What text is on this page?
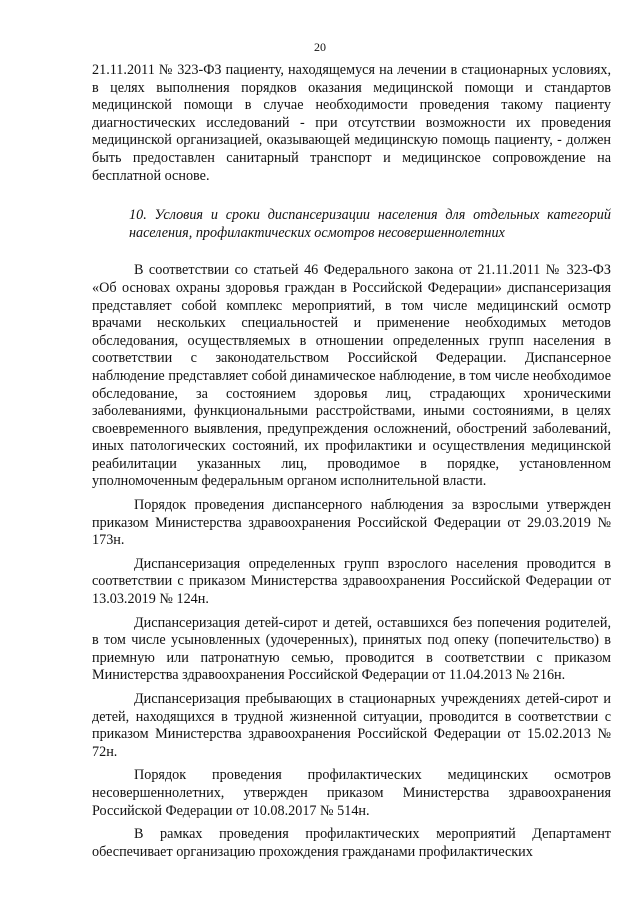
20

21.11.2011 № 323-ФЗ пациенту, находящемуся на лечении в стационарных условиях, в целях выполнения порядков оказания медицинской помощи и стандартов медицинской помощи в случае необходимости проведения такому пациенту диагностических исследований - при отсутствии возможности их проведения медицинской организацией, оказывающей медицинскую помощь пациенту, - должен быть предоставлен санитарный транспорт и медицинское сопровождение на бесплатной основе.

10. Условия и сроки диспансеризации населения для отдельных категорий населения, профилактических осмотров несовершеннолетних

В соответствии со статьей 46 Федерального закона от 21.11.2011 № 323-ФЗ «Об основах охраны здоровья граждан в Российской Федерации» диспансеризация представляет собой комплекс мероприятий, в том числе медицинский осмотр врачами нескольких специальностей и применение необходимых методов обследования, осуществляемых в отношении определенных групп населения в соответствии с законодательством Российской Федерации. Диспансерное наблюдение представляет собой динамическое наблюдение, в том числе необходимое обследование, за состоянием здоровья лиц, страдающих хроническими заболеваниями, функциональными расстройствами, иными состояниями, в целях своевременного выявления, предупреждения осложнений, обострений заболеваний, иных патологических состояний, их профилактики и осуществления медицинской реабилитации указанных лиц, проводимое в порядке, установленном уполномоченным федеральным органом исполнительной власти.

Порядок проведения диспансерного наблюдения за взрослыми утвержден приказом Министерства здравоохранения Российской Федерации от 29.03.2019 № 173н.

Диспансеризация определенных групп взрослого населения проводится в соответствии с приказом Министерства здравоохранения Российской Федерации от 13.03.2019 № 124н.

Диспансеризация детей-сирот и детей, оставшихся без попечения родителей, в том числе усыновленных (удочеренных), принятых под опеку (попечительство) в приемную или патронатную семью, проводится в соответствии с приказом Министерства здравоохранения Российской Федерации от 11.04.2013 № 216н.

Диспансеризация пребывающих в стационарных учреждениях детей-сирот и детей, находящихся в трудной жизненной ситуации, проводится в соответствии с приказом Министерства здравоохранения Российской Федерации от 15.02.2013 № 72н.

Порядок проведения профилактических медицинских осмотров несовершеннолетних, утвержден приказом Министерства здравоохранения Российской Федерации от 10.08.2017 № 514н.

В рамках проведения профилактических мероприятий Департамент обеспечивает организацию прохождения гражданами профилактических
